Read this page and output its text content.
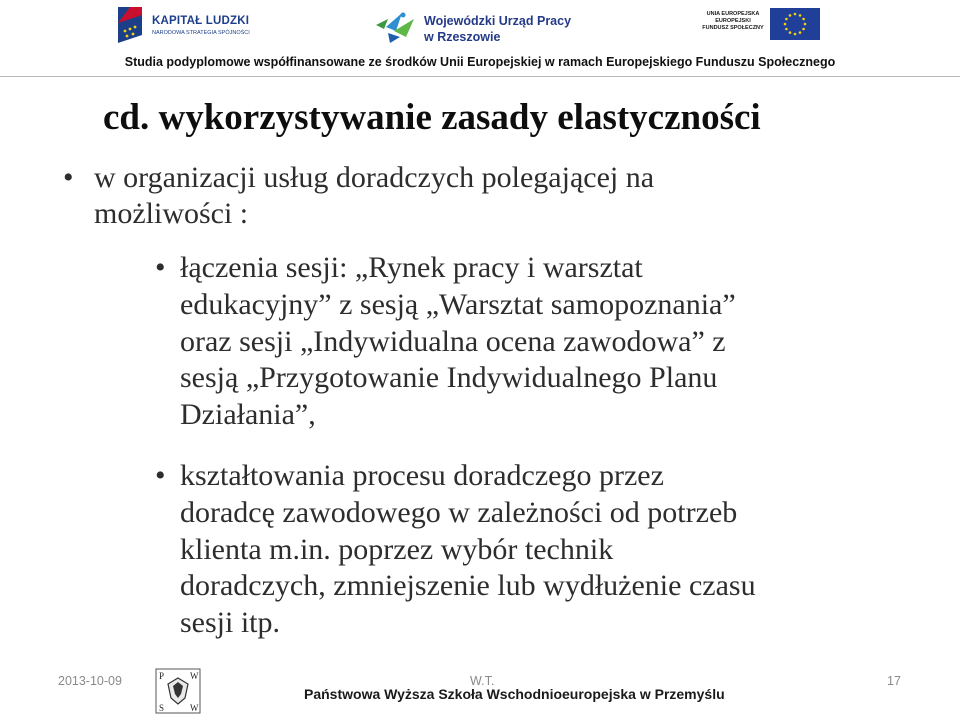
KAPITAŁ LUDZKI
NARODOWA STRATEGIA SPÓJNOŚCI
Wojewódzki Urząd Pracy
w Rzeszowie
UNIA EUROPEJSKA
EUROPEJSKI
FUNDUSZ SPOŁECZNY
Studia podyplomowe współfinansowane ze środków Unii Europejskiej w ramach Europejskiego Funduszu Społecznego
cd. wykorzystywanie zasady elastyczności
• w organizacji usług doradczych polegającej na
możliwości :
• łączenia sesji: „Rynek pracy i warsztat
edukacyjny” z sesją „Warsztat samopoznania”
oraz sesji „Indywidualna ocena zawodowa” z
sesją „Przygotowanie Indywidualnego Planu
Działania”,
• kształtowania procesu doradczego przez
doradcę zawodowego w zależności od potrzeb
klienta m.in. poprzez wybór technik
doradczych, zmniejszenie lub wydłużenie czasu
sesji itp.
2013-10-09	P	W
S	W
W.T.
Państwowa Wyższa Szkoła Wschodnioeuropejska w Przemyślu
17
